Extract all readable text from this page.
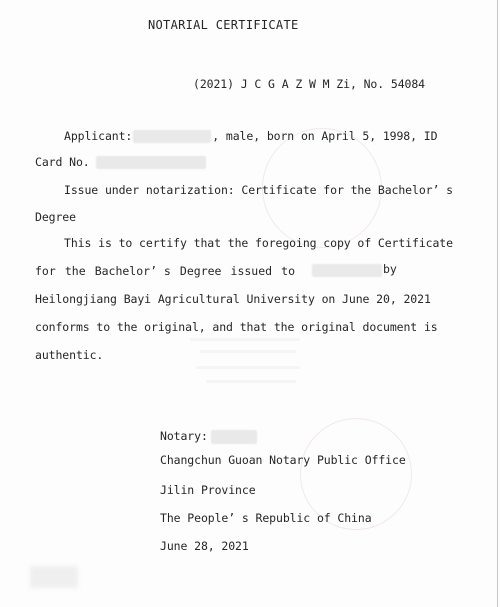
NOTARIAL CERTIFICATE
(2021) J C G A Z W M Zi, No. 54084
Applicant:	, male, born on April 5, 1998, ID
Card No.
Issue under notarization: Certificate for the Bachelor’ s
Degree
This is to certify that the foregoing copy of Certificate
for the Bachelor’ s Degree issued to	by
Heilongjiang Bayi Agricultural University on June 20, 2021
conforms to the original, and that the original document is
authentic.
Notary:
Changchun Guoan Notary Public Office
Jilin Province
The People’ s Republic of China
June 28, 2021
